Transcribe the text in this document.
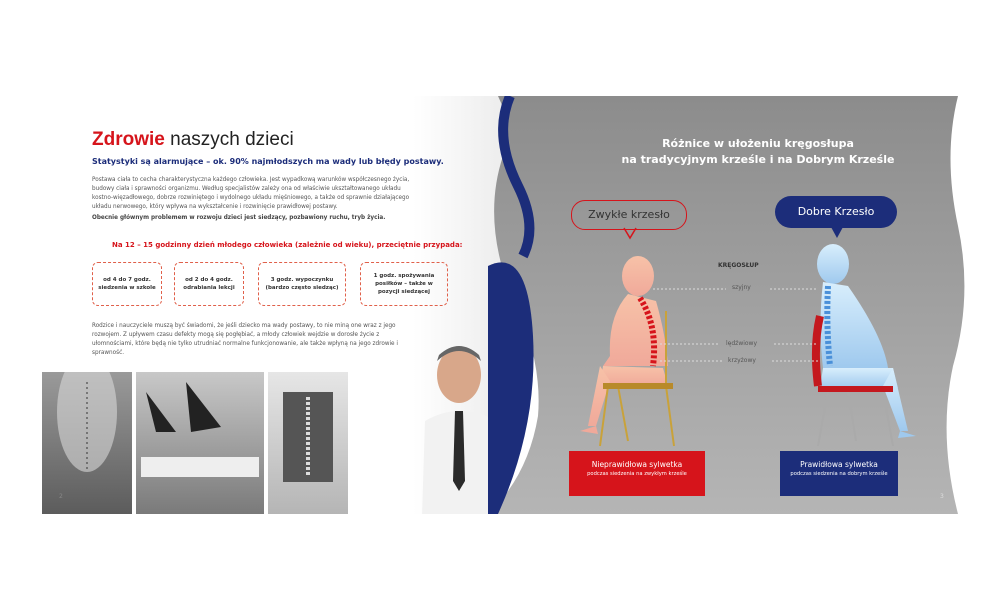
Zdrowie naszych dzieci
Statystyki są alarmujące – ok. 90% najmłodszych ma wady lub błędy postawy.
Postawa ciała to cecha charakterystyczna każdego człowieka. Jest wypadkową warunków współczesnego życia, budowy ciała i sprawności organizmu. Według specjalistów zależy ona od właściwie ukształtowanego układu kostno-więzadłowego, dobrze rozwiniętego i wydolnego układu mięśniowego, a także od sprawnie działającego układu nerwowego, który wpływa na wykształcenie i rozwinięcie prawidłowej postawy.
Obecnie głównym problemem w rozwoju dzieci jest siedzący, pozbawiony ruchu, tryb życia.
Na 12 – 15 godzinny dzień młodego człowieka (zależnie od wieku), przeciętnie przypada:
od 4 do 7 godz. siedzenia w szkole
od 2 do 4 godz. odrabiania lekcji
3 godz. wypoczynku (bardzo często siedząc)
1 godz. spożywania posiłków – także w pozycji siedzącej
Rodzice i nauczyciele muszą być świadomi, że jeśli dziecko ma wady postawy, to nie miną one wraz z jego rozwojem. Z upływem czasu defekty mogą się pogłębiać, a młody człowiek wejdzie w dorosłe życie z ułomnościami, które będą nie tylko utrudniać normalne funkcjonowanie, ale także wpłyną na jego zdrowie i sprawność.
2
Różnice w ułożeniu kręgosłupa
na tradycyjnym krześle i na Dobrym Krześle
Zwykłe krzesło	Dobre Krzesło
KRĘGOSŁUP
szyjny
lędźwiowy
krzyżowy
Nieprawidłowa sylwetka
podczas siedzenia na zwykłym krześle
Prawidłowa sylwetka
podczas siedzenia na dobrym krześle
3
